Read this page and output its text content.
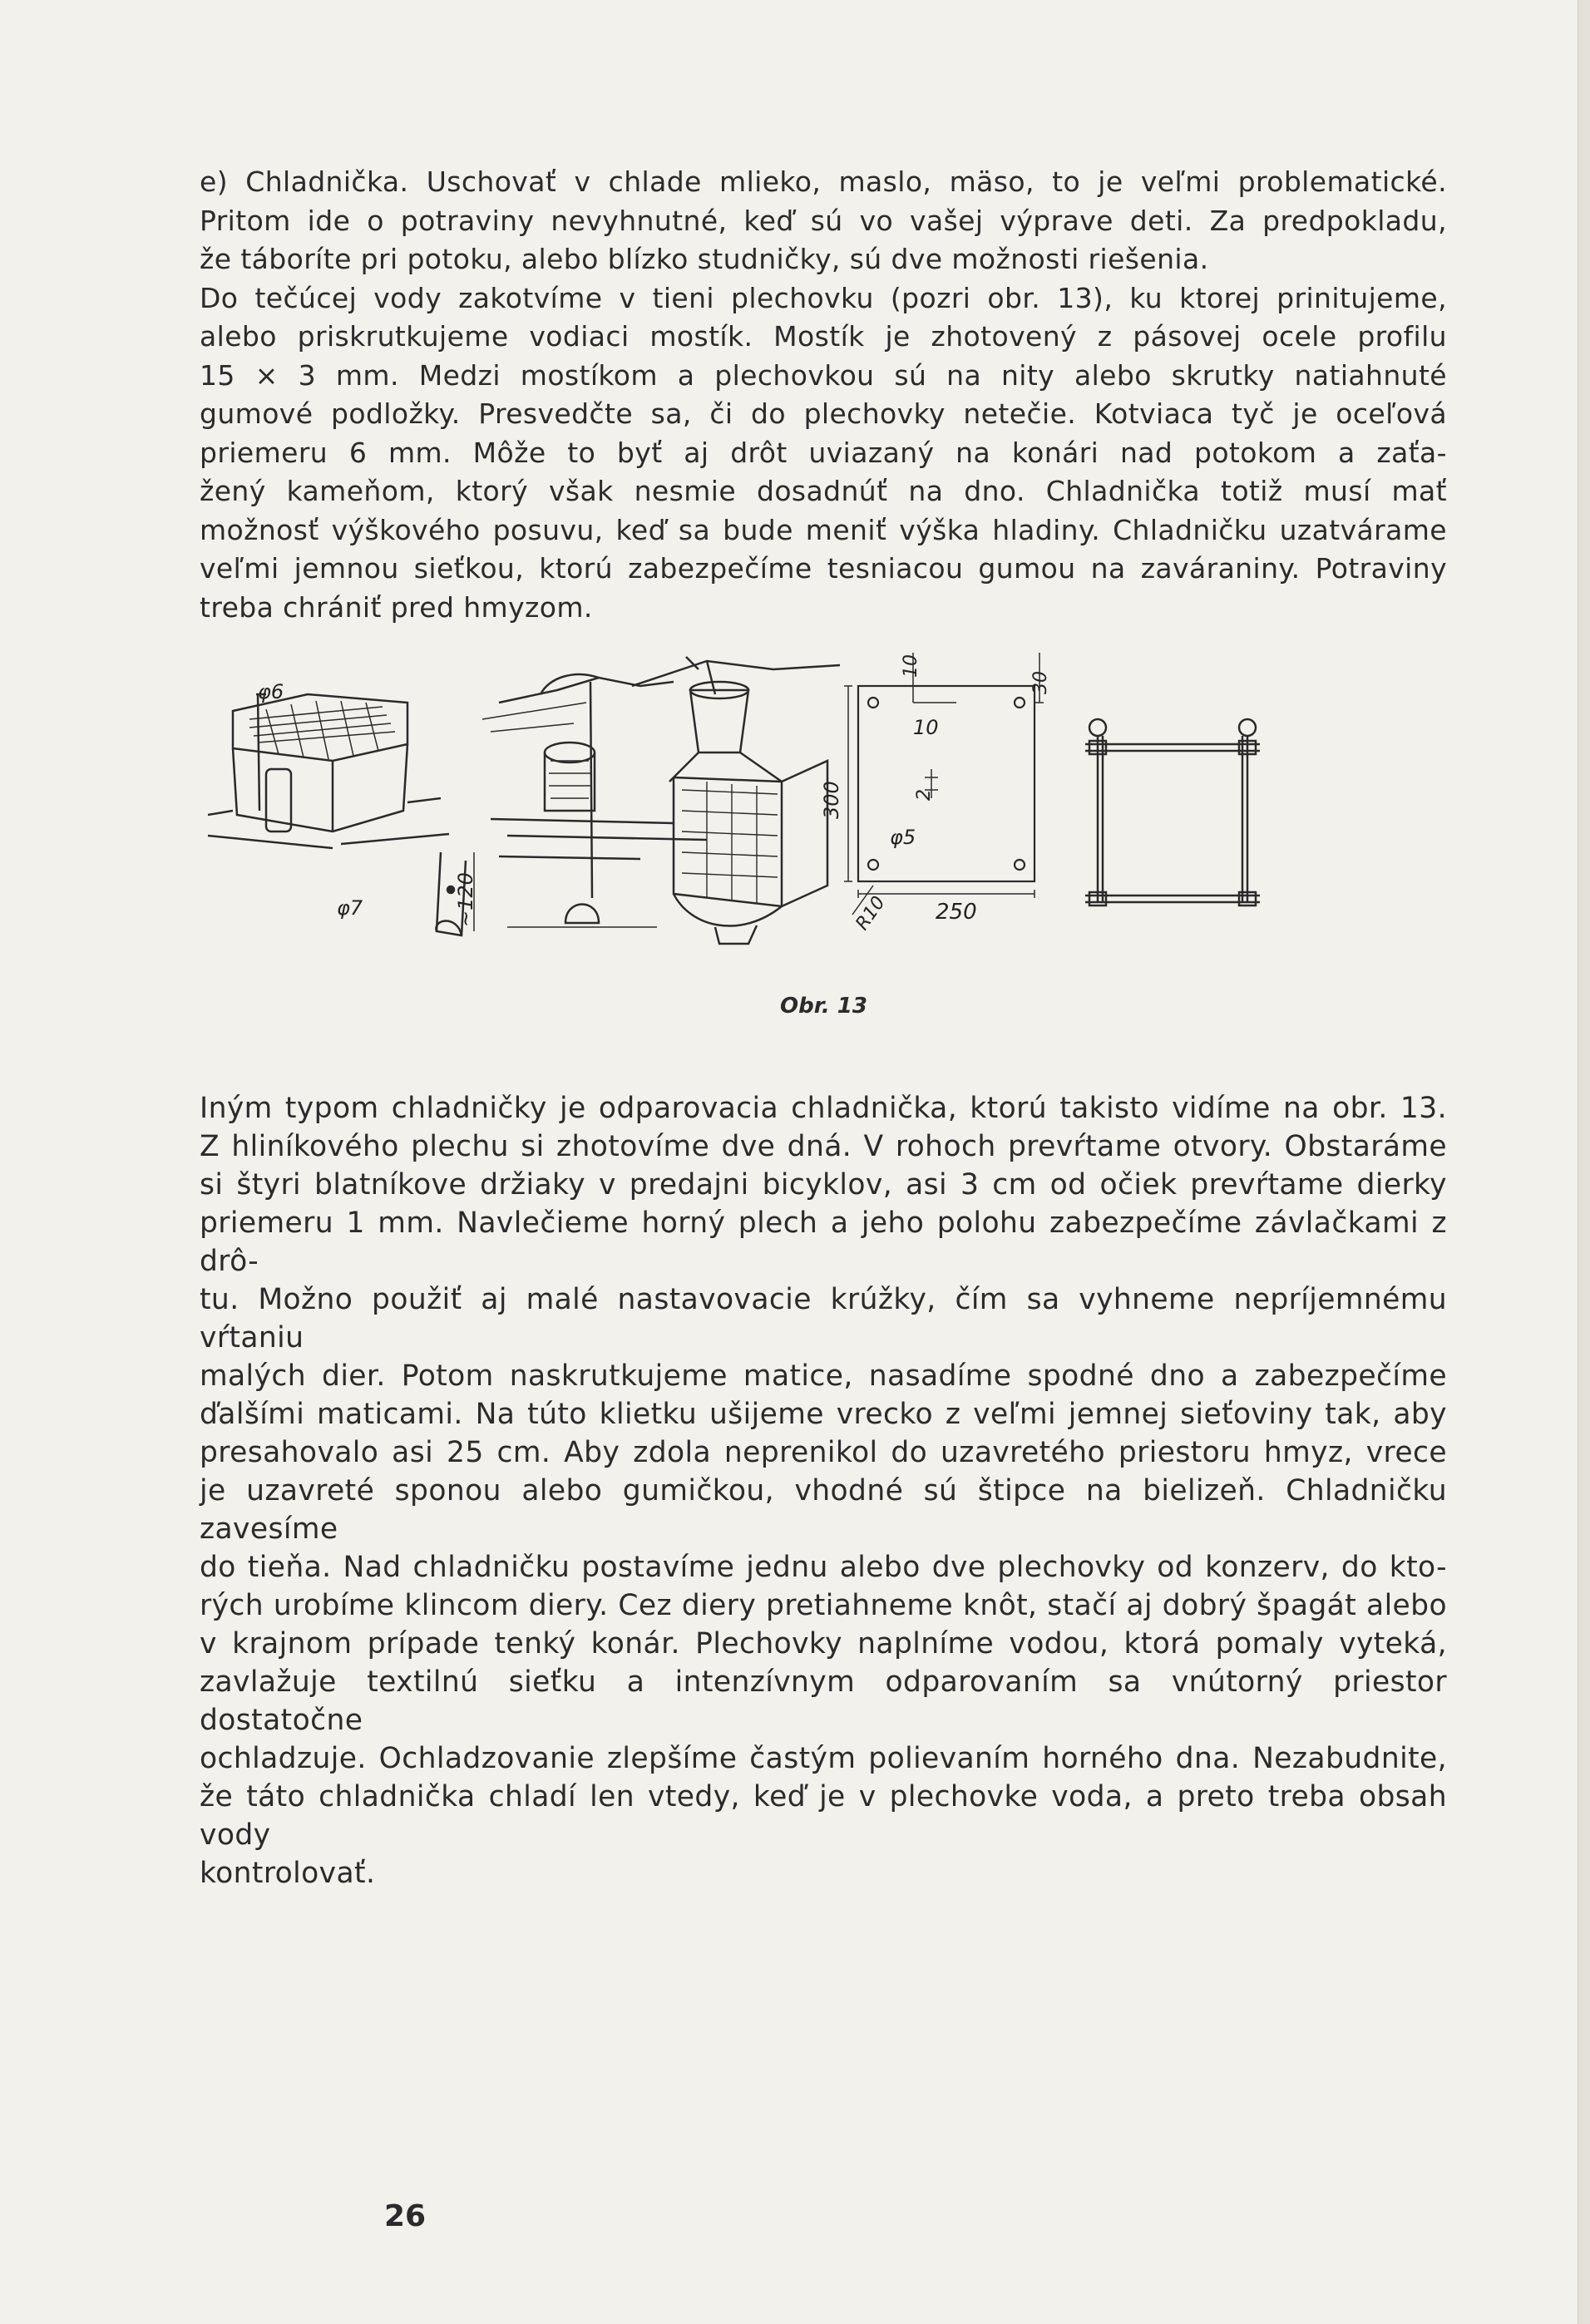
e) Chladnička. Uschovať v chlade mlieko, maslo, mäso, to je veľmi problematické.
Pritom ide o potraviny nevyhnutné, keď sú vo vašej výprave deti. Za predpokladu,
že táboríte pri potoku, alebo blízko studničky, sú dve možnosti riešenia.
Do tečúcej vody zakotvíme v tieni plechovku (pozri obr. 13), ku ktorej prinitujeme,
alebo priskrutkujeme vodiaci mostík. Mostík je zhotovený z pásovej ocele profilu
15 × 3 mm. Medzi mostíkom a plechovkou sú na nity alebo skrutky natiahnuté
gumové podložky. Presvedčte sa, či do plechovky netečie. Kotviaca tyč je oceľová
priemeru 6 mm. Môže to byť aj drôt uviazaný na konári nad potokom a zaťa-
žený kameňom, ktorý však nesmie dosadnúť na dno. Chladnička totiž musí mať
možnosť výškového posuvu, keď sa bude meniť výška hladiny. Chladničku uzatvárame
veľmi jemnou sieťkou, ktorú zabezpečíme tesniacou gumou na zaváraniny. Potraviny
treba chrániť pred hmyzom.
φ6
φ7	~120
300
10
10
2
φ5
R10 250
30
Obr. 13
Iným typom chladničky je odparovacia chladnička, ktorú takisto vidíme na obr. 13.
Z hliníkového plechu si zhotovíme dve dná. V rohoch prevŕtame otvory. Obstaráme
si štyri blatníkove držiaky v predajni bicyklov, asi 3 cm od očiek prevŕtame dierky
priemeru 1 mm. Navlečieme horný plech a jeho polohu zabezpečíme závlačkami z drô-
tu. Možno použiť aj malé nastavovacie krúžky, čím sa vyhneme nepríjemnému vŕtaniu
malých dier. Potom naskrutkujeme matice, nasadíme spodné dno a zabezpečíme
ďalšími maticami. Na túto klietku ušijeme vrecko z veľmi jemnej sieťoviny tak, aby
presahovalo asi 25 cm. Aby zdola neprenikol do uzavretého priestoru hmyz, vrece
je uzavreté sponou alebo gumičkou, vhodné sú štipce na bielizeň. Chladničku zavesíme
do tieňa. Nad chladničku postavíme jednu alebo dve plechovky od konzerv, do kto-
rých urobíme klincom diery. Cez diery pretiahneme knôt, stačí aj dobrý špagát alebo
v krajnom prípade tenký konár. Plechovky naplníme vodou, ktorá pomaly vyteká,
zavlažuje textilnú sieťku a intenzívnym odparovaním sa vnútorný priestor dostatočne
ochladzuje. Ochladzovanie zlepšíme častým polievaním horného dna. Nezabudnite,
že táto chladnička chladí len vtedy, keď je v plechovke voda, a preto treba obsah vody
kontrolovať.
26
